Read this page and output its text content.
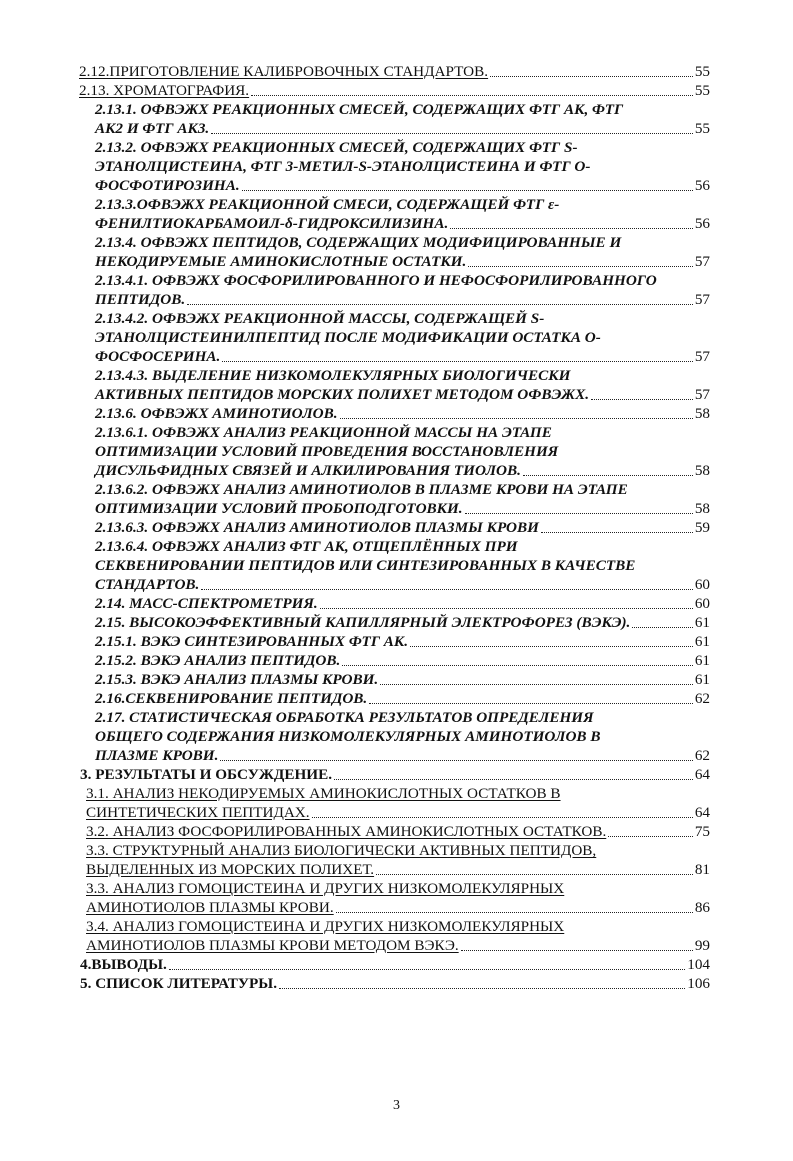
2.12.ПРИГОТОВЛЕНИЕ КАЛИБРОВОЧНЫХ СТАНДАРТОВ.	55
2.13. ХРОМАТОГРАФИЯ.	55
2.13.1. ОФВЭЖХ РЕАКЦИОННЫХ СМЕСЕЙ, СОДЕРЖАЩИХ ФТГ АК, ФТГ
АК2 И ФТГ АК3.	55
2.13.2. ОФВЭЖХ РЕАКЦИОННЫХ СМЕСЕЙ, СОДЕРЖАЩИХ ФТГ S-
ЭТАНОЛЦИСТЕИНА, ФТГ 3-МЕТИЛ-S-ЭТАНОЛЦИСТЕИНА И ФТГ О-
ФОСФОТИРОЗИНА.	56
2.13.3.ОФВЭЖХ РЕАКЦИОННОЙ СМЕСИ, СОДЕРЖАЩЕЙ ФТГ ε-
ФЕНИЛТИОКАРБАМОИЛ-δ-ГИДРОКСИЛИЗИНА.	56
2.13.4. ОФВЭЖХ ПЕПТИДОВ, СОДЕРЖАЩИХ МОДИФИЦИРОВАННЫЕ И
НЕКОДИРУЕМЫЕ АМИНОКИСЛОТНЫЕ ОСТАТКИ.	57
2.13.4.1. ОФВЭЖХ ФОСФОРИЛИРОВАННОГО И НЕФОСФОРИЛИРОВАННОГО
ПЕПТИДОВ.	57
2.13.4.2. ОФВЭЖХ РЕАКЦИОННОЙ МАССЫ, СОДЕРЖАЩЕЙ S-
ЭТАНОЛЦИСТЕИНИЛПЕПТИД ПОСЛЕ МОДИФИКАЦИИ ОСТАТКА О-
ФОСФОСЕРИНА.	57
2.13.4.3. ВЫДЕЛЕНИЕ НИЗКОМОЛЕКУЛЯРНЫХ БИОЛОГИЧЕСКИ
АКТИВНЫХ ПЕПТИДОВ МОРСКИХ ПОЛИХЕТ МЕТОДОМ ОФВЭЖХ.	57
2.13.6. ОФВЭЖХ АМИНОТИОЛОВ.	58
2.13.6.1. ОФВЭЖХ АНАЛИЗ РЕАКЦИОННОЙ МАССЫ НА ЭТАПЕ
ОПТИМИЗАЦИИ УСЛОВИЙ ПРОВЕДЕНИЯ ВОССТАНОВЛЕНИЯ
ДИСУЛЬФИДНЫХ СВЯЗЕЙ И АЛКИЛИРОВАНИЯ ТИОЛОВ.	58
2.13.6.2. ОФВЭЖХ АНАЛИЗ АМИНОТИОЛОВ В ПЛАЗМЕ КРОВИ НА ЭТАПЕ
ОПТИМИЗАЦИИ УСЛОВИЙ ПРОБОПОДГОТОВКИ.	58
2.13.6.3. ОФВЭЖХ АНАЛИЗ АМИНОТИОЛОВ ПЛАЗМЫ КРОВИ	59
2.13.6.4. ОФВЭЖХ АНАЛИЗ ФТГ АК, ОТЩЕПЛЁННЫХ ПРИ
СЕКВЕНИРОВАНИИ ПЕПТИДОВ ИЛИ СИНТЕЗИРОВАННЫХ В КАЧЕСТВЕ
СТАНДАРТОВ.	60
2.14. МАСС-СПЕКТРОМЕТРИЯ.	60
2.15. ВЫСОКОЭФФЕКТИВНЫЙ КАПИЛЛЯРНЫЙ ЭЛЕКТРОФОРЕЗ (ВЭКЭ).	61
2.15.1. ВЭКЭ СИНТЕЗИРОВАННЫХ ФТГ АК.	61
2.15.2. ВЭКЭ АНАЛИЗ ПЕПТИДОВ.	61
2.15.3. ВЭКЭ АНАЛИЗ ПЛАЗМЫ КРОВИ.	61
2.16.СЕКВЕНИРОВАНИЕ ПЕПТИДОВ.	62
2.17. СТАТИСТИЧЕСКАЯ ОБРАБОТКА РЕЗУЛЬТАТОВ ОПРЕДЕЛЕНИЯ
ОБЩЕГО СОДЕРЖАНИЯ НИЗКОМОЛЕКУЛЯРНЫХ АМИНОТИОЛОВ В
ПЛАЗМЕ КРОВИ.	62
3. РЕЗУЛЬТАТЫ И ОБСУЖДЕНИЕ.	64
3.1. АНАЛИЗ НЕКОДИРУЕМЫХ АМИНОКИСЛОТНЫХ ОСТАТКОВ В
СИНТЕТИЧЕСКИХ ПЕПТИДАХ.	64
3.2. АНАЛИЗ ФОСФОРИЛИРОВАННЫХ АМИНОКИСЛОТНЫХ ОСТАТКОВ.	75
3.3. СТРУКТУРНЫЙ АНАЛИЗ БИОЛОГИЧЕСКИ АКТИВНЫХ ПЕПТИДОВ,
ВЫДЕЛЕННЫХ ИЗ МОРСКИХ ПОЛИХЕТ.	81
3.3. АНАЛИЗ ГОМОЦИСТЕИНА И ДРУГИХ НИЗКОМОЛЕКУЛЯРНЫХ
АМИНОТИОЛОВ ПЛАЗМЫ КРОВИ.	86
3.4. АНАЛИЗ ГОМОЦИСТЕИНА И ДРУГИХ НИЗКОМОЛЕКУЛЯРНЫХ
АМИНОТИОЛОВ ПЛАЗМЫ КРОВИ МЕТОДОМ ВЭКЭ.	99
4.ВЫВОДЫ.	104
5. СПИСОК ЛИТЕРАТУРЫ.	106
3
